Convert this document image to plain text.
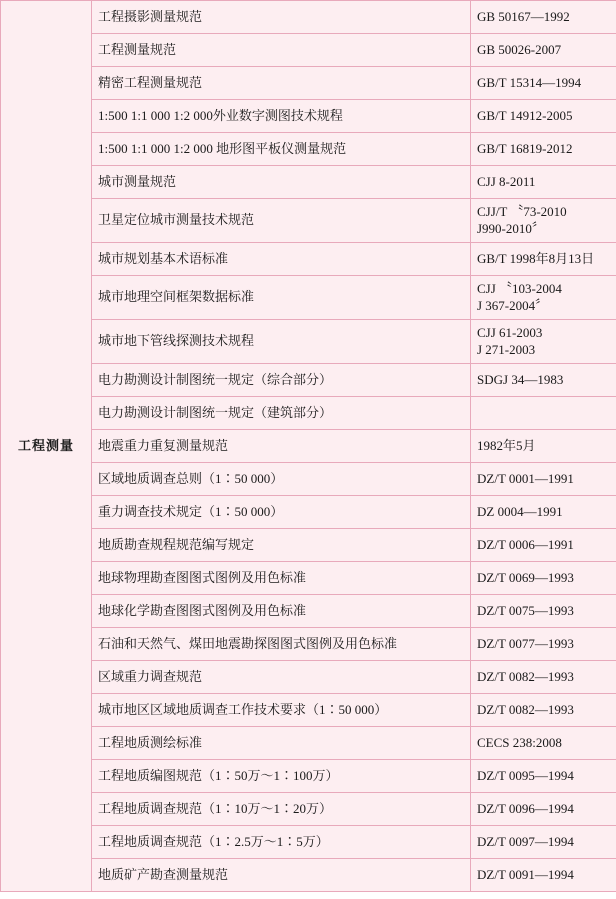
工程测量	工程摄影测量规范	GB 50167—1992

	工程测量规范	GB 50026-2007

	精密工程测量规范	GB/T 15314—1994

	1:500 1:1 000 1:2 000外业数字测图技术规程	GB/T 14912-2005

	1:500 1:1 000 1:2 000 地形图平板仪测量规范	GB/T 16819-2012

	城市测量规范	CJJ 8-2011

	卫星定位城市测量技术规范	CJJ/T 〝73-2010
J990-2010〞

	城市规划基本术语标准	GB/T 1998年8月13日

	城市地理空间框架数据标准	CJJ 〝103-2004
J 367-2004〞

	城市地下管线探测技术规程	CJJ 61-2003
J 271-2003

	电力勘测设计制图统一规定（综合部分）	SDGJ 34—1983

	电力勘测设计制图统一规定（建筑部分）	

	地震重力重复测量规范	1982年5月

	区域地质调查总则（1∶50 000）	DZ/T 0001—1991

	重力调查技术规定（1∶50 000）	DZ 0004—1991

	地质勘查规程规范编写规定	DZ/T 0006—1991

	地球物理勘查图图式图例及用色标准	DZ/T 0069—1993

	地球化学勘查图图式图例及用色标准	DZ/T 0075—1993

	石油和天然气、煤田地震勘探图图式图例及用色标准	DZ/T 0077—1993

	区域重力调查规范	DZ/T 0082—1993

	城市地区区域地质调查工作技术要求（1∶50 000）	DZ/T 0082—1993

	工程地质测绘标准	CECS 238:2008

	工程地质编图规范（1∶50万～1∶100万）	DZ/T 0095—1994

	工程地质调查规范（1∶10万～1∶20万）	DZ/T 0096—1994

	工程地质调查规范（1∶2.5万～1∶5万）	DZ/T 0097—1994

	地质矿产勘查测量规范	DZ/T 0091—1994
